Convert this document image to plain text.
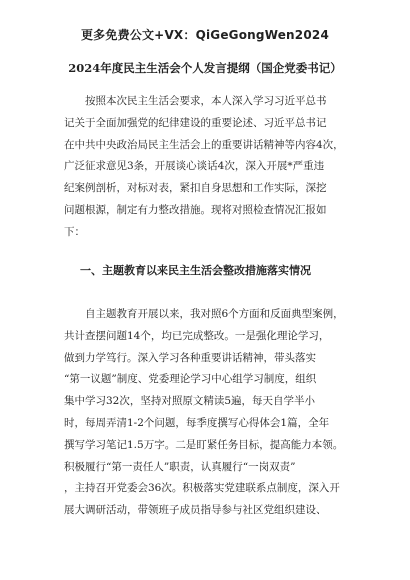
更多免费公文+VX：QiGeGongWen2024
2024年度民主生活会个人发言提纲（国企党委书记）
　　按照本次民主生活会要求，本人深入学习习近平总书
记关于全面加强党的纪律建设的重要论述、习近平总书记
在中共中央政治局民主生活会上的重要讲话精神等内容4次，
广泛征求意见3条，开展谈心谈话4次，深入开展*严重违
纪案例剖析，对标对表，紧扣自身思想和工作实际，深挖
问题根源，制定有力整改措施。现将对照检查情况汇报如
下：
一、主题教育以来民主生活会整改措施落实情况
　　自主题教育开展以来，我对照6个方面和反面典型案例，
共计查摆问题14个，均已完成整改。一是强化理论学习，
做到力学笃行。深入学习各种重要讲话精神，带头落实
“第一议题”制度、党委理论学习中心组学习制度，组织
集中学习32次，坚持对照原文精读5遍，每天自学半小
时，每周弄清1-2个问题，每季度撰写心得体会1篇，全年
撰写学习笔记1.5万字。二是盯紧任务目标，提高能力本领。
积极履行“第一责任人”职责，认真履行“一岗双责”
，主持召开党委会36次。积极落实党建联系点制度，深入开
展大调研活动，带领班子成员指导参与社区党组织建设、
